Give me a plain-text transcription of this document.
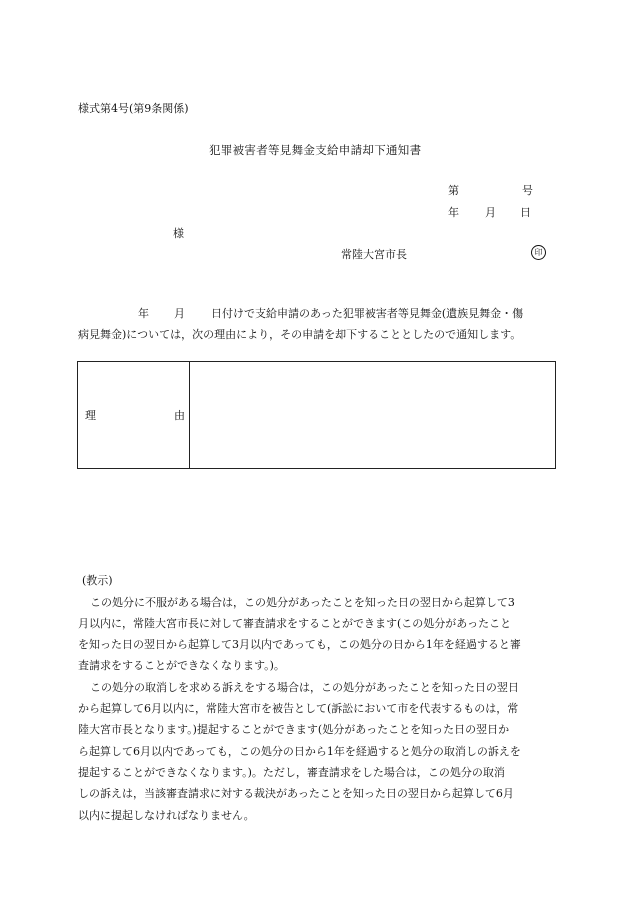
様式第4号(第9条関係)
犯罪被害者等見舞金支給申請却下通知書
第	号
年 月 日
様
常陸大宮市長	印
年 月 日付けで支給申請のあった犯罪被害者等見舞金(遺族見舞金・傷
病見舞金)については，次の理由により，その申請を却下することとしたので通知します。
理	由
(教示)
この処分に不服がある場合は，この処分があったことを知った日の翌日から起算して3
月以内に，常陸大宮市長に対して審査請求をすることができます(この処分があったこと
を知った日の翌日から起算して3月以内であっても，この処分の日から1年を経過すると審
査請求をすることができなくなります。)。
この処分の取消しを求める訴えをする場合は，この処分があったことを知った日の翌日
から起算して6月以内に，常陸大宮市を被告として(訴訟において市を代表するものは，常
陸大宮市長となります。)提起することができます(処分があったことを知った日の翌日か
ら起算して6月以内であっても，この処分の日から1年を経過すると処分の取消しの訴えを
提起することができなくなります。)。ただし，審査請求をした場合は，この処分の取消
しの訴えは，当該審査請求に対する裁決があったことを知った日の翌日から起算して6月
以内に提起しなければなりません。
